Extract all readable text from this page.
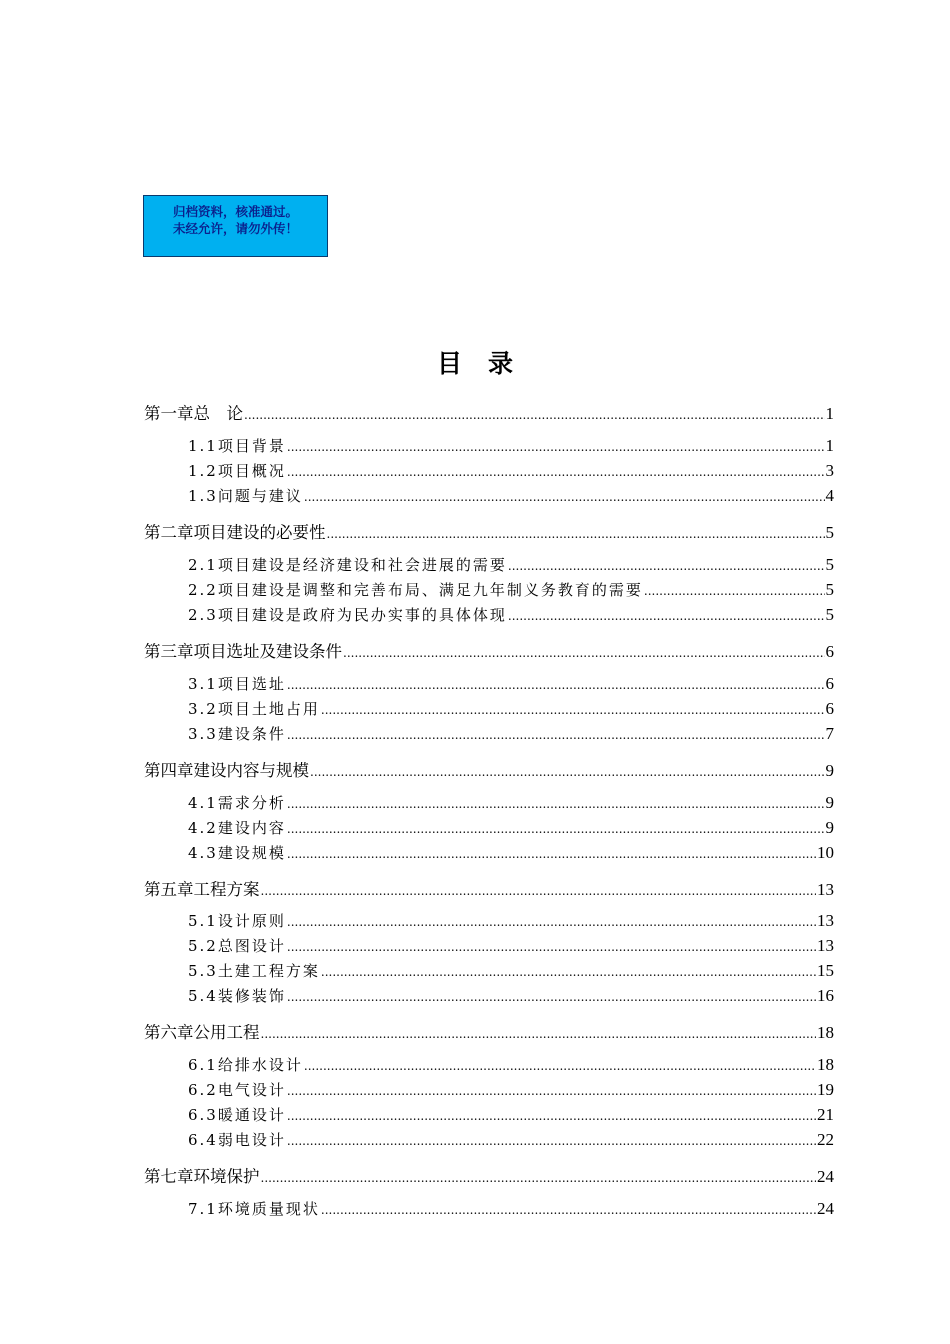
归档资料，核准通过。
未经允许，请勿外传！
目录
第一章 总　论 .....	1
1.1 项目背景 .....	1
1.2 项目概况 .....	3
1.3 问题与建议 .....	4
第二章 项目建设的必要性 .....	5
2.1 项目建设是经济建设和社会进展的需要 .....	5
2.2 项目建设是调整和完善布局、满足九年制义务教育的需要 .....	5
2.3 项目建设是政府为民办实事的具体体现 .....	5
第三章 项目选址及建设条件 .....	6
3.1 项目选址 .....	6
3.2 项目土地占用 .....	6
3.3 建设条件 .....	7
第四章 建设内容与规模 .....	9
4.1 需求分析 .....	9
4.2 建设内容 .....	9
4.3 建设规模 .....	10
第五章 工程方案 .....	13
5.1 设计原则 .....	13
5.2 总图设计 .....	13
5.3 土建工程方案 .....	15
5.4 装修装饰 .....	16
第六章 公用工程 .....	18
6.1 给排水设计 .....	18
6.2 电气设计 .....	19
6.3 暖通设计 .....	21
6.4 弱电设计 .....	22
第七章 环境保护 .....	24
7.1 环境质量现状 .....	24
